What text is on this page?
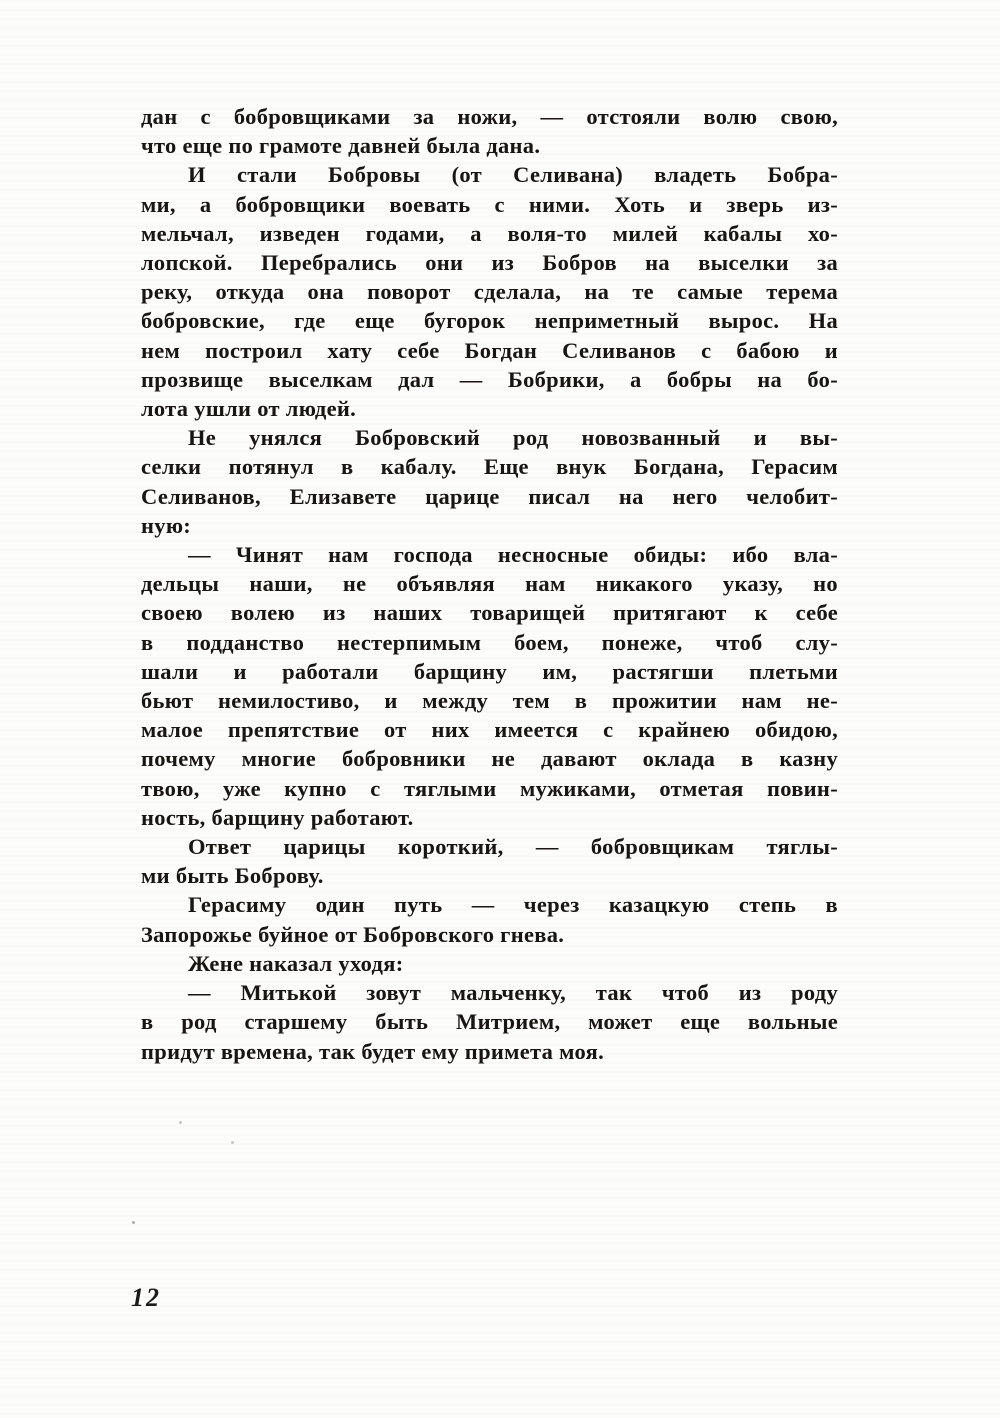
дан с бобровщиками за ножи, — отстояли волю свою,
что еще по грамоте давней была дана.
И стали Бобровы (от Селивана) владеть Бобра-
ми, а бобровщики воевать с ними. Хоть и зверь из-
мельчал, изведен годами, а воля-то милей кабалы хо-
лопской. Перебрались они из Бобров на выселки за
реку, откуда она поворот сделала, на те самые терема
бобровские, где еще бугорок неприметный вырос. На
нем построил хату себе Богдан Селиванов с бабою и
прозвище выселкам дал — Бобрики, а бобры на бо-
лота ушли от людей.
Не унялся Бобровский род новозванный и вы-
селки потянул в кабалу. Еще внук Богдана, Герасим
Селиванов, Елизавете царице писал на него челобит-
ную:
— Чинят нам господа несносные обиды: ибо вла-
дельцы наши, не объявляя нам никакого указу, но
своею волею из наших товарищей притягают к себе
в подданство нестерпимым боем, понеже, чтоб слу-
шали и работали барщину им, растягши плетьми
бьют немилостиво, и между тем в прожитии нам не-
малое препятствие от них имеется с крайнею обидою,
почему многие бобровники не давают оклада в казну
твою, уже купно с тяглыми мужиками, отметая повин-
ность, барщину работают.
Ответ царицы короткий, — бобровщикам тяглы-
ми быть Боброву.
Герасиму один путь — через казацкую степь в
Запорожье буйное от Бобровского гнева.
Жене наказал уходя:
— Митькой зовут мальченку, так чтоб из роду
в род старшему быть Митрием, может еще вольные
придут времена, так будет ему примета моя.
12
